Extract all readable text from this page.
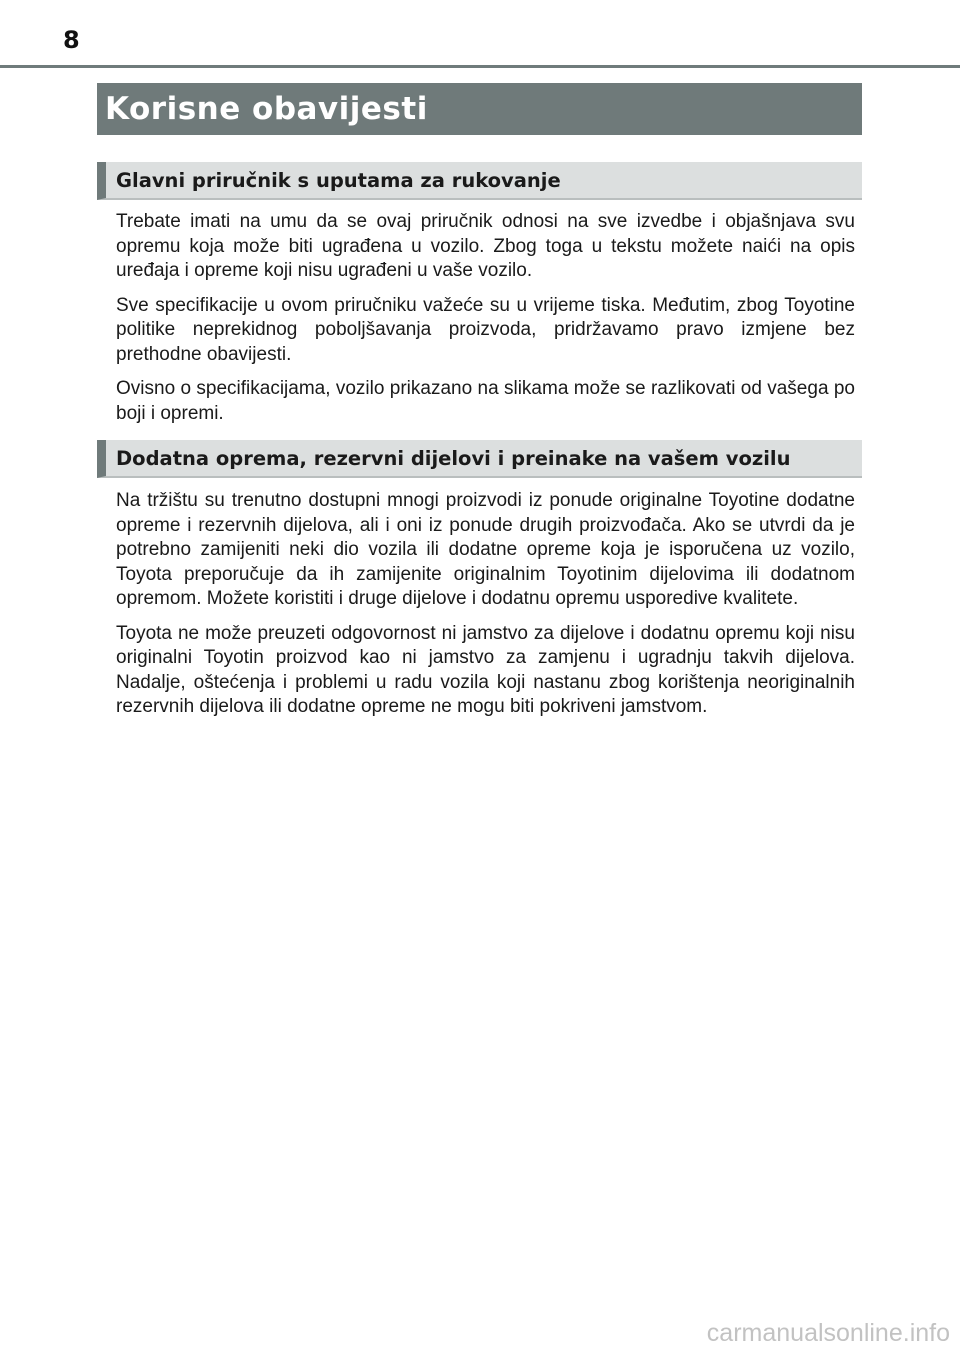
8
Korisne obavijesti
Glavni priručnik s uputama za rukovanje

Trebate imati na umu da se ovaj priručnik odnosi na sve izvedbe i objašnjava svu opremu koja može biti ugrađena u vozilo. Zbog toga u tekstu možete naići na opis uređaja i opreme koji nisu ugrađeni u vaše vozilo.

Sve specifikacije u ovom priručniku važeće su u vrijeme tiska. Međutim, zbog Toyotine politike neprekidnog poboljšavanja proizvoda, pridržavamo pravo izmjene bez prethodne obavijesti.

Ovisno o specifikacijama, vozilo prikazano na slikama može se razlikovati od vašega po boji i opremi.

Dodatna oprema, rezervni dijelovi i preinake na vašem vozilu

Na tržištu su trenutno dostupni mnogi proizvodi iz ponude originalne Toyotine dodatne opreme i rezervnih dijelova, ali i oni iz ponude drugih proizvođača. Ako se utvrdi da je potrebno zamijeniti neki dio vozila ili dodatne opreme koja je isporučena uz vozilo, Toyota preporučuje da ih zamijenite originalnim Toyotinim dijelovima ili dodatnom opremom. Možete koristiti i druge dijelove i dodatnu opremu usporedive kvalitete.

Toyota ne može preuzeti odgovornost ni jamstvo za dijelove i dodatnu opremu koji nisu originalni Toyotin proizvod kao ni jamstvo za zamjenu i ugradnju takvih dijelova. Nadalje, oštećenja i problemi u radu vozila koji nastanu zbog korištenja neoriginalnih rezervnih dijelova ili dodatne opreme ne mogu biti pokriveni jamstvom.

carmanualsonline.info
